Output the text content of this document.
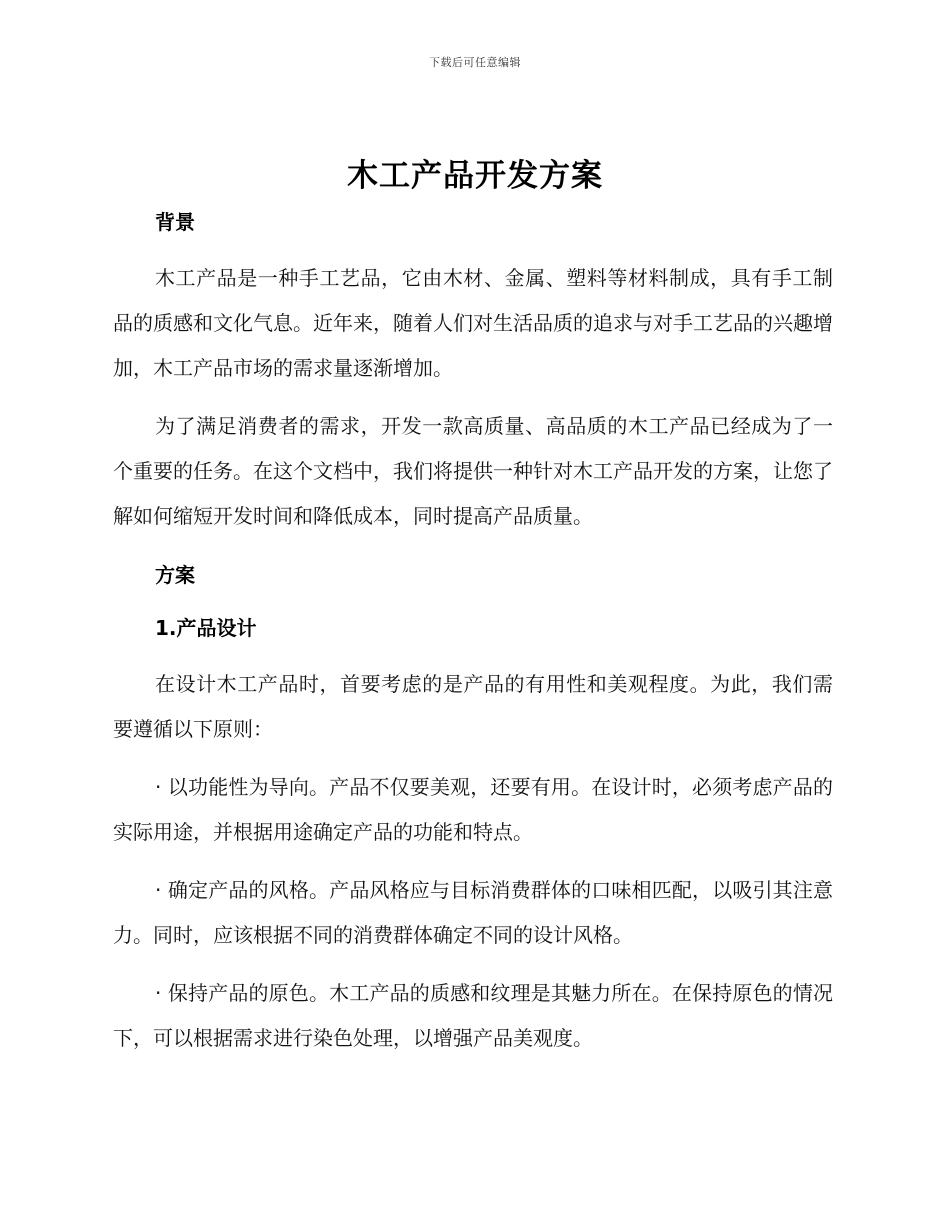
下载后可任意编辑
木工产品开发方案

背景

木工产品是一种手工艺品，它由木材、金属、塑料等材料制成，具有手工制品的质感和文化气息。近年来，随着人们对生活品质的追求与对手工艺品的兴趣增加，木工产品市场的需求量逐渐增加。

为了满足消费者的需求，开发一款高质量、高品质的木工产品已经成为了一个重要的任务。在这个文档中，我们将提供一种针对木工产品开发的方案，让您了解如何缩短开发时间和降低成本，同时提高产品质量。

方案

1.产品设计

在设计木工产品时，首要考虑的是产品的有用性和美观程度。为此，我们需要遵循以下原则：

· 以功能性为导向。产品不仅要美观，还要有用。在设计时，必须考虑产品的实际用途，并根据用途确定产品的功能和特点。

· 确定产品的风格。产品风格应与目标消费群体的口味相匹配，以吸引其注意力。同时，应该根据不同的消费群体确定不同的设计风格。

· 保持产品的原色。木工产品的质感和纹理是其魅力所在。在保持原色的情况下，可以根据需求进行染色处理，以增强产品美观度。
